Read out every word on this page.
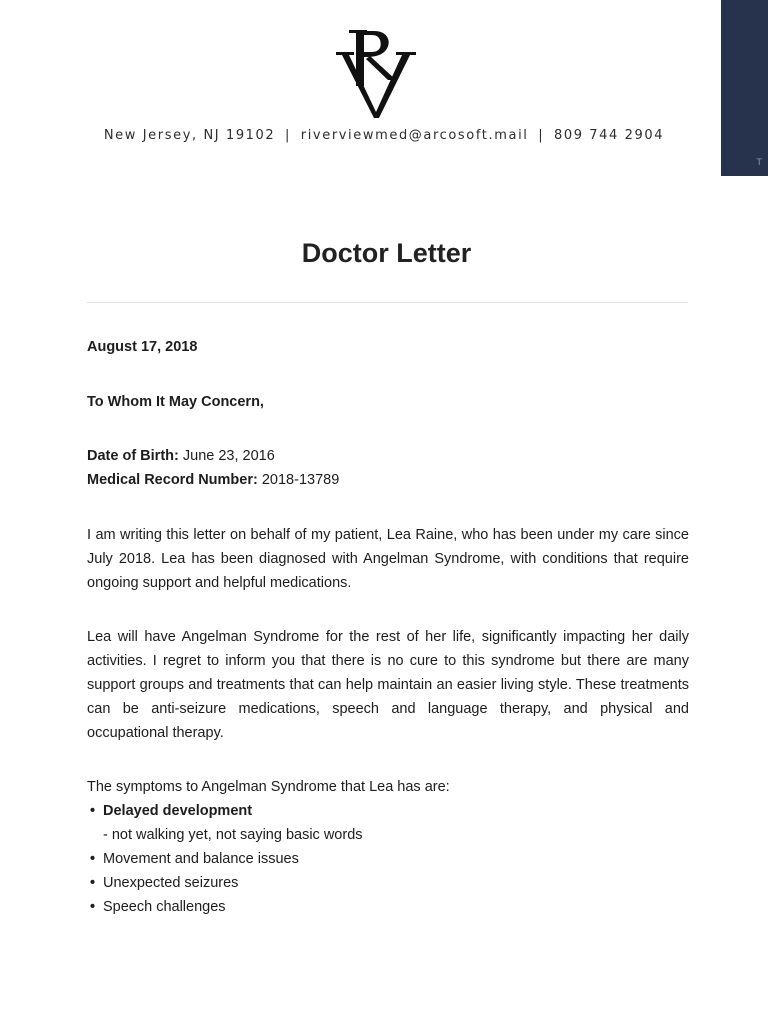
T
New Jersey, NJ 19102 | riverviewmed@arcosoft.mail | 809 744 2904
Doctor Letter

August 17, 2018

To Whom It May Concern,

Date of Birth: June 23, 2016
Medical Record Number: 2018-13789

I am writing this letter on behalf of my patient, Lea Raine, who has been under my care since July 2018. Lea has been diagnosed with Angelman Syndrome, with conditions that require ongoing support and helpful medications.

Lea will have Angelman Syndrome for the rest of her life, significantly impacting her daily activities. I regret to inform you that there is no cure to this syndrome but there are many support groups and treatments that can help maintain an easier living style. These treatments can be anti-seizure medications, speech and language therapy, and physical and occupational therapy.

The symptoms to Angelman Syndrome that Lea has are:
• Delayed development
- not walking yet, not saying basic words
• Movement and balance issues
• Unexpected seizures
• Speech challenges
